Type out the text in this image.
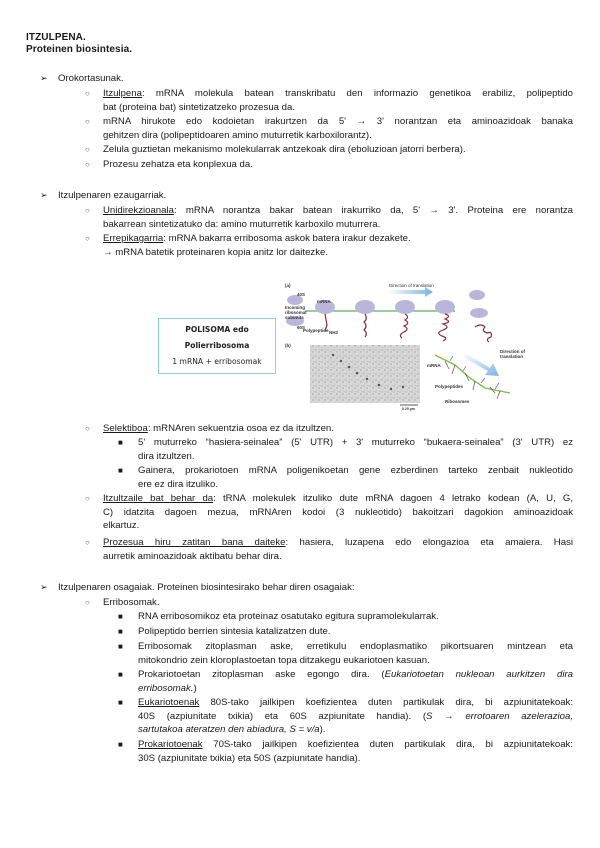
ITZULPENA.
Proteinen biosintesia.
➢ Orokortasunak.
○ Itzulpena: mRNA molekula batean transkribatu den informazio genetikoa erabiliz, polipeptido
bat (proteina bat) sintetizatzeko prozesua da.
○ mRNA hirukote edo kodoietan irakurtzen da 5' → 3' norantzan eta aminoazidoak banaka
gehitzen dira (polipeptidoaren amino muturretik karboxilorantz).
○ Zelula guztietan mekanismo molekularrak antzekoak dira (eboluzioan jatorri berbera).
○ Prozesu zehatza eta konplexua da.
➢ Itzulpenaren ezaugarriak.
○ Unidirekzioanala: mRNA norantza bakar batean irakurriko da, 5' → 3'. Proteina ere norantza
bakarrean sintetizatuko da: amino muturretik karboxilo muturrera.
○ Errepikagarria: mRNA bakarra erribosoma askok batera irakur dezakete.
→ mRNA batetik proteinaren kopia anitz lor daitezke.
POLISOMA edo
Polierribosoma
1 mRNA + erribosomak
(a)	Direction of translation
40S
Incoming ribosomal subunits
60S
mRNA
Polypeptide NH2
(b)
Direction of translation
mRNA
Polypeptides
Ribosomes
0.25 µm
○ Selektiboa: mRNAren sekuentzia osoa ez da itzultzen.
■ 5' muturreko “hasiera-seinalea” (5' UTR) + 3' muturreko “bukaera-seinalea” (3' UTR) ez
dira itzultzen.
■ Gainera, prokariotoen mRNA poligenikoetan gene ezberdinen tarteko zenbait nukleotido
ere ez dira itzuliko.
○ Itzultzaile bat behar da: tRNA molekulek itzuliko dute mRNA dagoen 4 letrako kodean (A, U, G,
C) idatzita dagoen mezua, mRNAren kodoi (3 nukleotido) bakoitzari dagokion aminoazidoak
elkartuz.
○ Prozesua hiru zatitan bana daiteke: hasiera, luzapena edo elongazioa eta amaiera. Hasi
aurretik aminoazidoak aktibatu behar dira.
➢ Itzulpenaren osagaiak. Proteinen biosintesirako behar diren osagaiak:
○ Erribosomak.
■ RNA erribosomikoz eta proteinaz osatutako egitura supramolekularrak.
■ Polipeptido berrien sintesia katalizatzen dute.
■ Erribosomak zitoplasman aske, erretikulu endoplasmatiko pikortsuaren mintzean eta
mitokondrio zein kloroplastoetan topa ditzakegu eukariotoen kasuan.
■ Prokariotoetan zitoplasman aske egongo dira. (Eukariotoetan nukleoan aurkitzen dira
erribosomak.)
■ Eukariotoenak 80S-tako jailkipen koefizientea duten partikulak dira, bi azpiunitatekoak:
40S (azpiunitate txikia) eta 60S azpiunitate handia). (S → errotoaren azelerazioa,
sartutakoa ateratzen den abiadura, S = v/a).
■ Prokariotoenak 70S-tako jailkipen koefizientea duten partikulak dira, bi azpiunitatekoak:
30S (azpiunitate txikia) eta 50S (azpiunitate handia).
